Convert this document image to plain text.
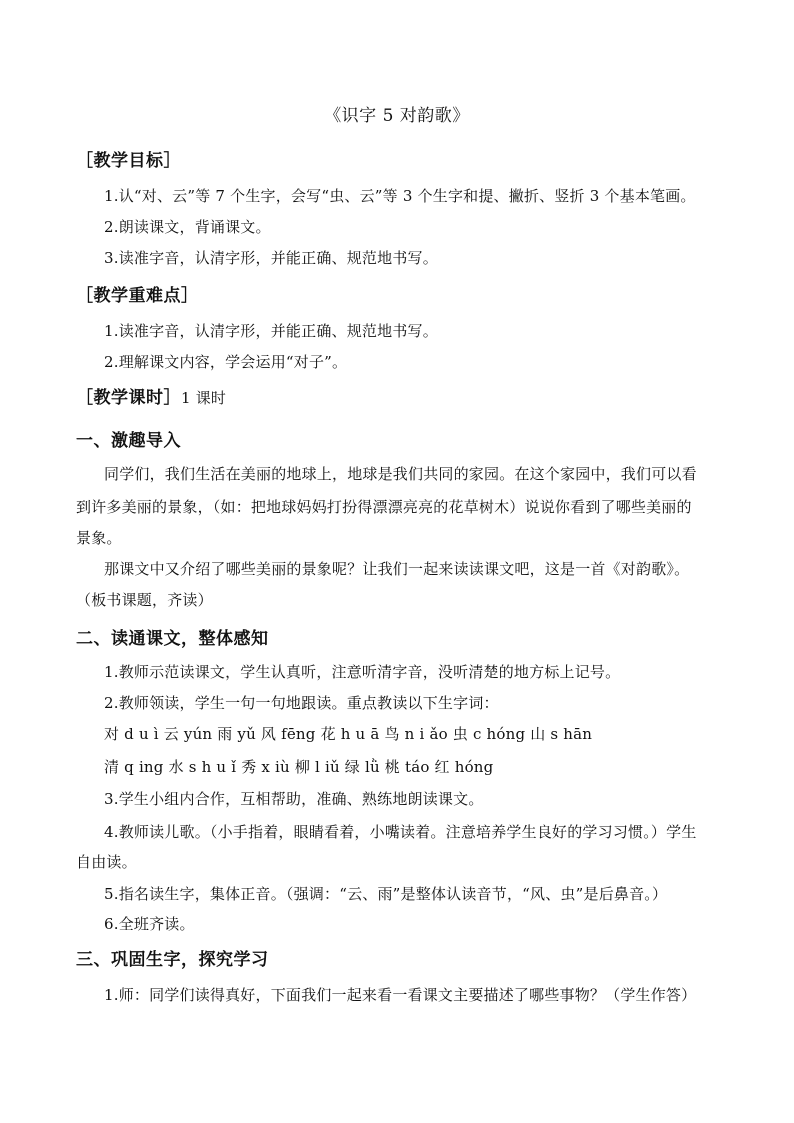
《识字 5 对韵歌》
［教学目标］
1.认“对、云”等 7 个生字，会写“虫、云”等 3 个生字和提、撇折、竖折 3 个基本笔画。
2.朗读课文，背诵课文。
3.读准字音，认清字形，并能正确、规范地书写。
［教学重难点］
1.读准字音，认清字形，并能正确、规范地书写。
2.理解课文内容，学会运用“对子”。
［教学课时］1 课时
一、激趣导入
同学们，我们生活在美丽的地球上，地球是我们共同的家园。在这个家园中，我们可以看
到许多美丽的景象，（如：把地球妈妈打扮得漂漂亮亮的花草树木）说说你看到了哪些美丽的
景象。
那课文中又介绍了哪些美丽的景象呢？让我们一起来读读课文吧，这是一首《对韵歌》。
（板书课题，齐读）
二、读通课文，整体感知
1.教师示范读课文，学生认真听，注意听清字音，没听清楚的地方标上记号。
2.教师领读，学生一句一句地跟读。重点教读以下生字词：
对 d u ì 云 yún 雨 yǔ 风 fēng 花 h u ā 鸟 n i ǎo 虫 c hóng 山 s hān
清 q ing 水 s h u ǐ 秀 x iù 柳 l iǔ 绿 lǜ 桃 táo 红 hóng
3.学生小组内合作，互相帮助，准确、熟练地朗读课文。
4.教师读儿歌。（小手指着，眼睛看着，小嘴读着。注意培养学生良好的学习习惯。）学生
自由读。
5.指名读生字，集体正音。（强调：“云、雨”是整体认读音节，“风、虫”是后鼻音。）
6.全班齐读。
三、巩固生字，探究学习
1.师：同学们读得真好，下面我们一起来看一看课文主要描述了哪些事物？（学生作答）
